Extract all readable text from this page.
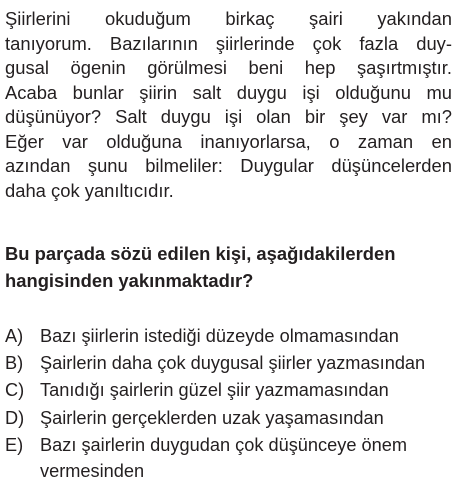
Şiirlerini okuduğum birkaç şairi yakından
tanıyorum. Bazılarının şiirlerinde çok fazla duy-
gusal ögenin görülmesi beni hep şaşırtmıştır.
Acaba bunlar şiirin salt duygu işi olduğunu mu
düşünüyor? Salt duygu işi olan bir şey var mı?
Eğer var olduğuna inanıyorlarsa, o zaman en
azından şunu bilmeliler: Duygular düşüncelerden
daha çok yanıltıcıdır.
Bu parçada sözü edilen kişi, aşağıdakilerden
hangisinden yakınmaktadır?
A) Bazı şiirlerin istediği düzeyde olmamasından
B) Şairlerin daha çok duygusal şiirler yazmasından
C) Tanıdığı şairlerin güzel şiir yazmamasından
D) Şairlerin gerçeklerden uzak yaşamasından
E) Bazı şairlerin duygudan çok düşünceye önem
vermesinden
